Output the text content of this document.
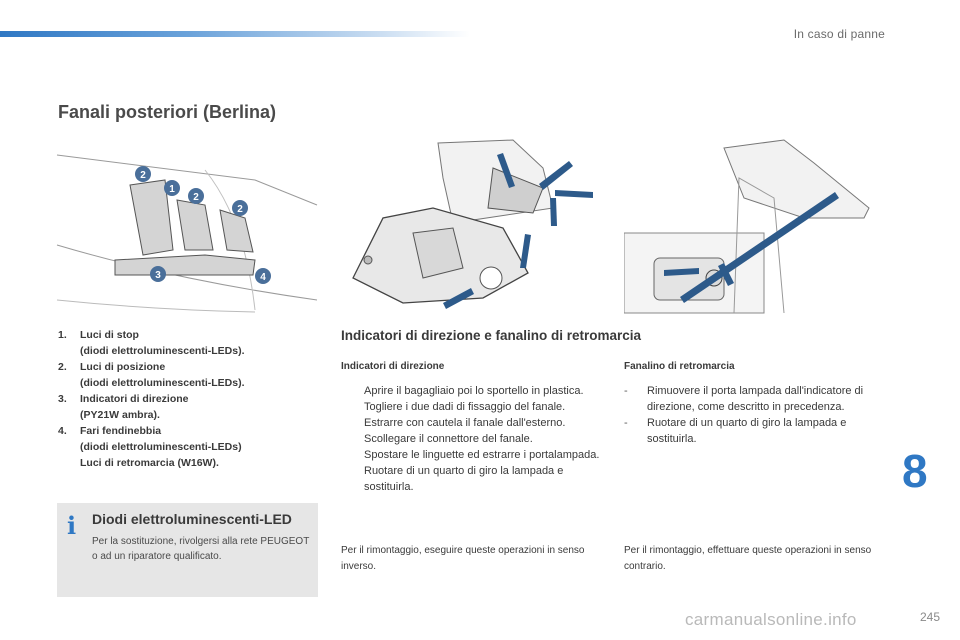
In caso di panne
Fanali posteriori (Berlina)
2
1
2
2
3	4
1.	Luci di stop
(diodi elettroluminescenti-LEDs).
2.	Luci di posizione
(diodi elettroluminescenti-LEDs).
3.	Indicatori di direzione
(PY21W ambra).
4.	Fari fendinebbia
(diodi elettroluminescenti-LEDs)
Luci di retromarcia (W16W).
i Diodi elettroluminescenti-LED
Per la sostituzione, rivolgersi alla rete PEUGEOT o ad un riparatore qualificato.
Indicatori di direzione e fanalino di retromarcia
Indicatori di direzione
Aprire il bagagliaio poi lo sportello in plastica.
Togliere i due dadi di fissaggio del fanale.
Estrarre con cautela il fanale dall'esterno.
Scollegare il connettore del fanale.
Spostare le linguette ed estrarre i portalampada.
Ruotare di un quarto di giro la lampada e sostituirla.
Per il rimontaggio, eseguire queste operazioni in senso inverso.
Fanalino di retromarcia
-	Rimuovere il porta lampada dall'indicatore di direzione, come descritto in precedenza.
-	Ruotare di un quarto di giro la lampada e sostituirla.
Per il rimontaggio, effettuare queste operazioni in senso contrario.
8
carmanualsonline.info	245
